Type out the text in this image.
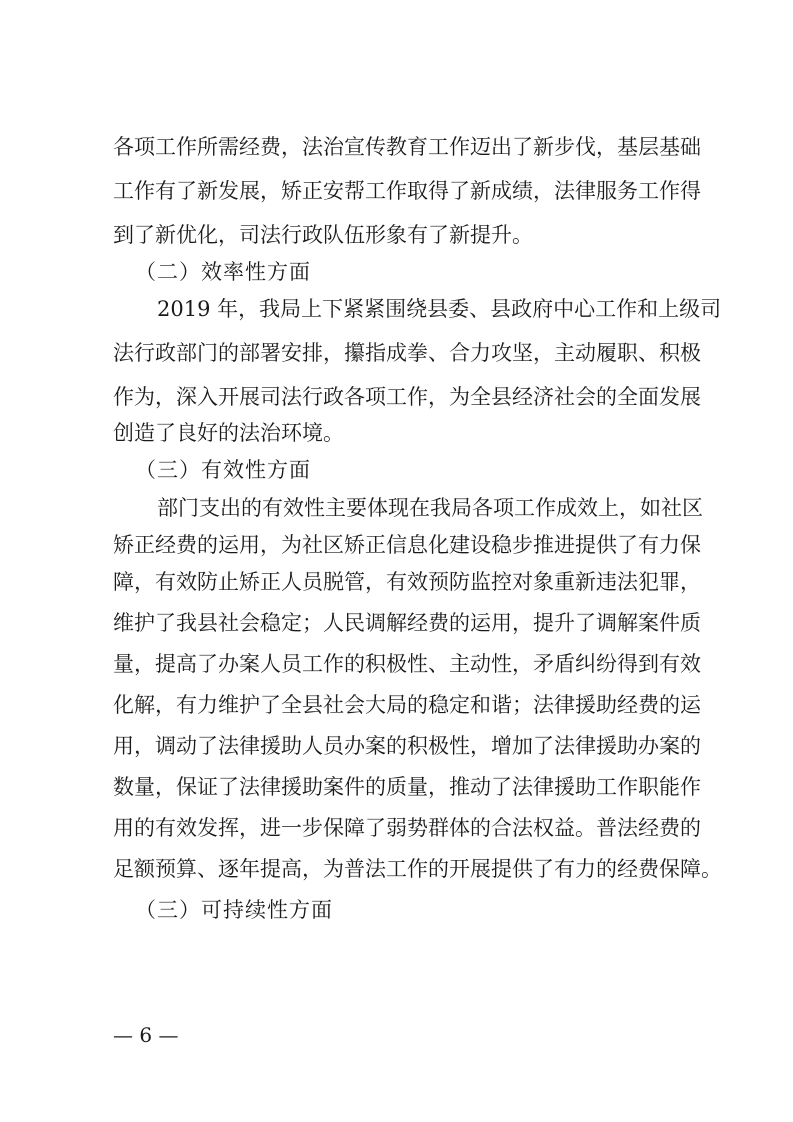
各项工作所需经费，法治宣传教育工作迈出了新步伐，基层基础
工作有了新发展，矫正安帮工作取得了新成绩，法律服务工作得
到了新优化，司法行政队伍形象有了新提升。
（二）效率性方面
2019 年，我局上下紧紧围绕县委、县政府中心工作和上级司
法行政部门的部署安排，攥指成拳、合力攻坚，主动履职、积极
作为，深入开展司法行政各项工作，为全县经济社会的全面发展
创造了良好的法治环境。
（三）有效性方面
部门支出的有效性主要体现在我局各项工作成效上，如社区
矫正经费的运用，为社区矫正信息化建设稳步推进提供了有力保
障，有效防止矫正人员脱管，有效预防监控对象重新违法犯罪，
维护了我县社会稳定；人民调解经费的运用，提升了调解案件质
量，提高了办案人员工作的积极性、主动性，矛盾纠纷得到有效
化解，有力维护了全县社会大局的稳定和谐；法律援助经费的运
用，调动了法律援助人员办案的积极性，增加了法律援助办案的
数量，保证了法律援助案件的质量，推动了法律援助工作职能作
用的有效发挥，进一步保障了弱势群体的合法权益。普法经费的
足额预算、逐年提高，为普法工作的开展提供了有力的经费保障。
（三）可持续性方面
— 6 —
